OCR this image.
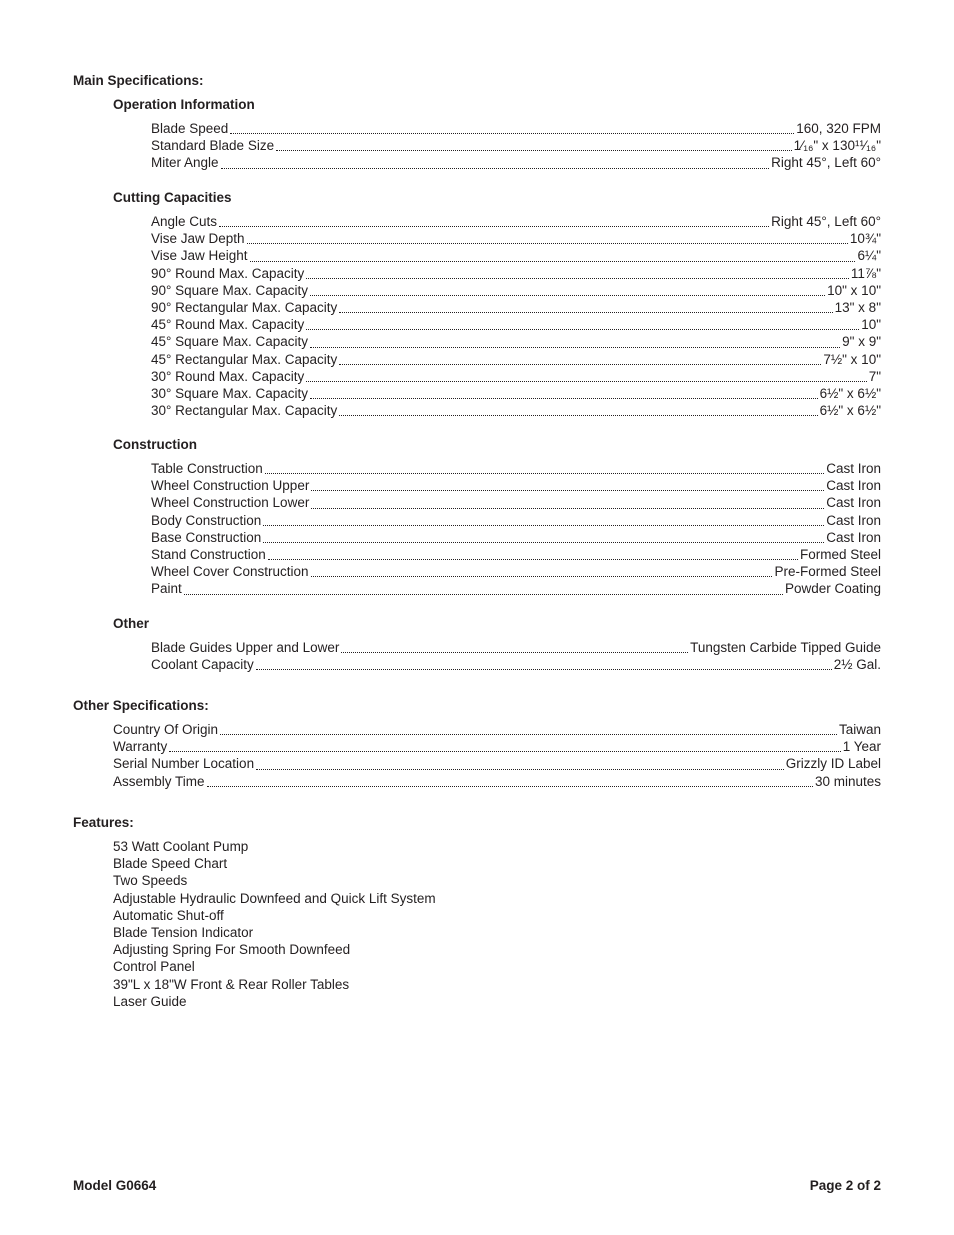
Main Specifications:
Operation Information
Blade Speed	160, 320 FPM
Standard Blade Size	1⁄₁₆" x 130¹¹⁄₁₆"
Miter Angle	Right 45°, Left 60°
Cutting Capacities
Angle Cuts	Right 45°, Left 60°
Vise Jaw Depth	10¾"
Vise Jaw Height	6¼"
90° Round Max. Capacity	11⅞"
90° Square Max. Capacity	10" x 10"
90° Rectangular Max. Capacity	13" x 8"
45° Round Max. Capacity	10"
45° Square Max. Capacity	9" x 9"
45° Rectangular Max. Capacity	7½" x 10"
30° Round Max. Capacity	7"
30° Square Max. Capacity	6½" x 6½"
30° Rectangular Max. Capacity	6½" x 6½"
Construction
Table Construction	Cast Iron
Wheel Construction Upper	Cast Iron
Wheel Construction Lower	Cast Iron
Body Construction	Cast Iron
Base Construction	Cast Iron
Stand Construction	Formed Steel
Wheel Cover Construction	Pre-Formed Steel
Paint	Powder Coating
Other
Blade Guides Upper and Lower	Tungsten Carbide Tipped Guide
Coolant Capacity	2½ Gal.
Other Specifications:
Country Of Origin	Taiwan
Warranty	1 Year
Serial Number Location	Grizzly ID Label
Assembly Time	30 minutes
Features:
53 Watt Coolant Pump
Blade Speed Chart
Two Speeds
Adjustable Hydraulic Downfeed and Quick Lift System
Automatic Shut-off
Blade Tension Indicator
Adjusting Spring For Smooth Downfeed
Control Panel
39"L x 18"W Front & Rear Roller Tables
Laser Guide
Model G0664	Page 2 of 2
